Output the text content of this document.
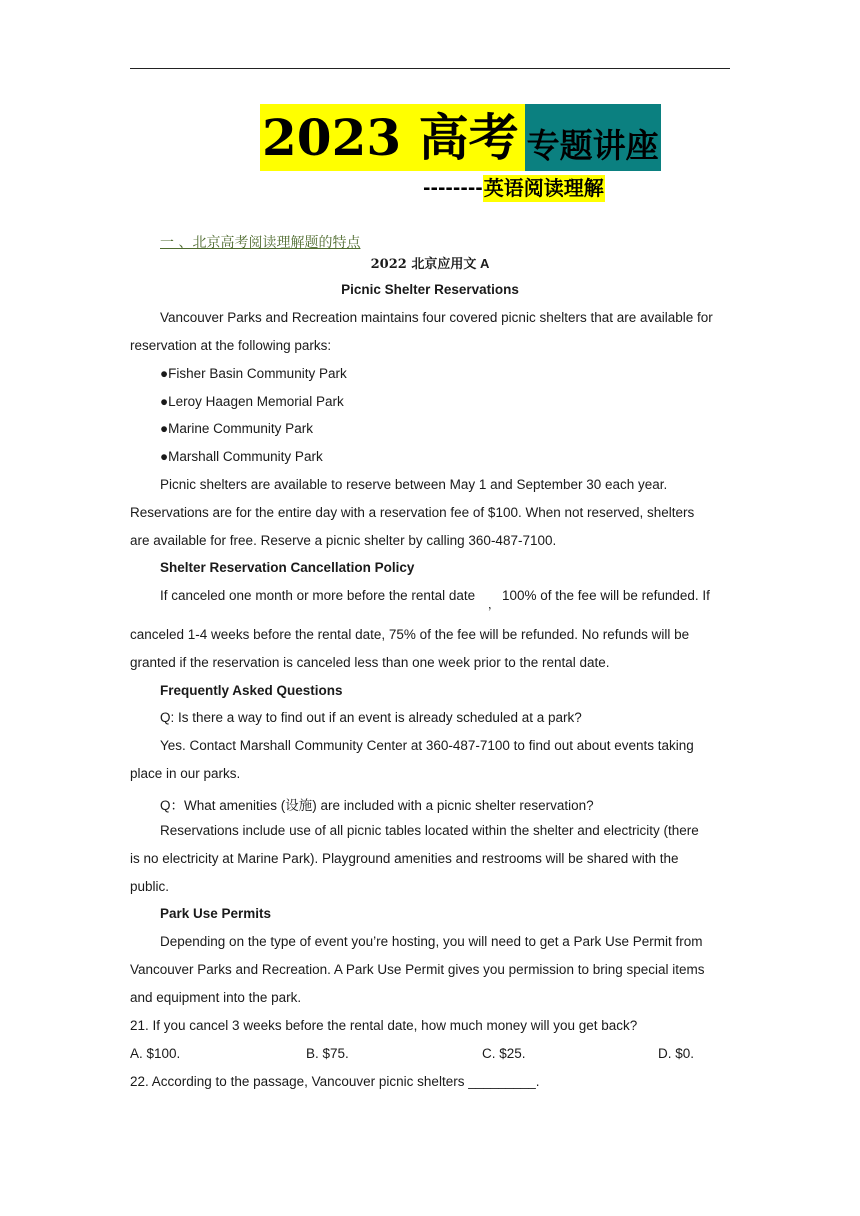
2023 高考 专题讲座
-------- 英语阅读理解
一 、北京高考阅读理解题的特点
2022 北京应用文 A
Picnic Shelter Reservations
Vancouver Parks and Recreation maintains four covered picnic shelters that are available for
reservation at the following parks:
●Fisher Basin Community Park
●Leroy Haagen Memorial Park
●Marine Community Park
●Marshall Community Park
Picnic shelters are available to reserve between May 1 and September 30 each year.
Reservations are for the entire day with a reservation fee of $100. When not reserved, shelters
are available for free. Reserve a picnic shelter by calling 360-487-7100.
Shelter Reservation Cancellation Policy
If canceled one month or more before the rental date
，
100% of the fee will be refunded. If
canceled 1-4 weeks before the rental date, 75% of the fee will be refunded. No refunds will be
granted if the reservation is canceled less than one week prior to the rental date.
Frequently Asked Questions
Q: Is there a way to find out if an event is already scheduled at a park?
Yes. Contact Marshall Community Center at 360-487-7100 to find out about events taking
place in our parks.
Q：What amenities (设施) are included with a picnic shelter reservation?
Reservations include use of all picnic tables located within the shelter and electricity (there
is no electricity at Marine Park). Playground amenities and restrooms will be shared with the
public.
Park Use Permits
Depending on the type of event you’re hosting, you will need to get a Park Use Permit from
Vancouver Parks and Recreation. A Park Use Permit gives you permission to bring special items
and equipment into the park.
21. If you cancel 3 weeks before the rental date, how much money will you get back?
A. $100.	B. $75.	C. $25.	D. $0.
22. According to the passage, Vancouver picnic shelters _________.
